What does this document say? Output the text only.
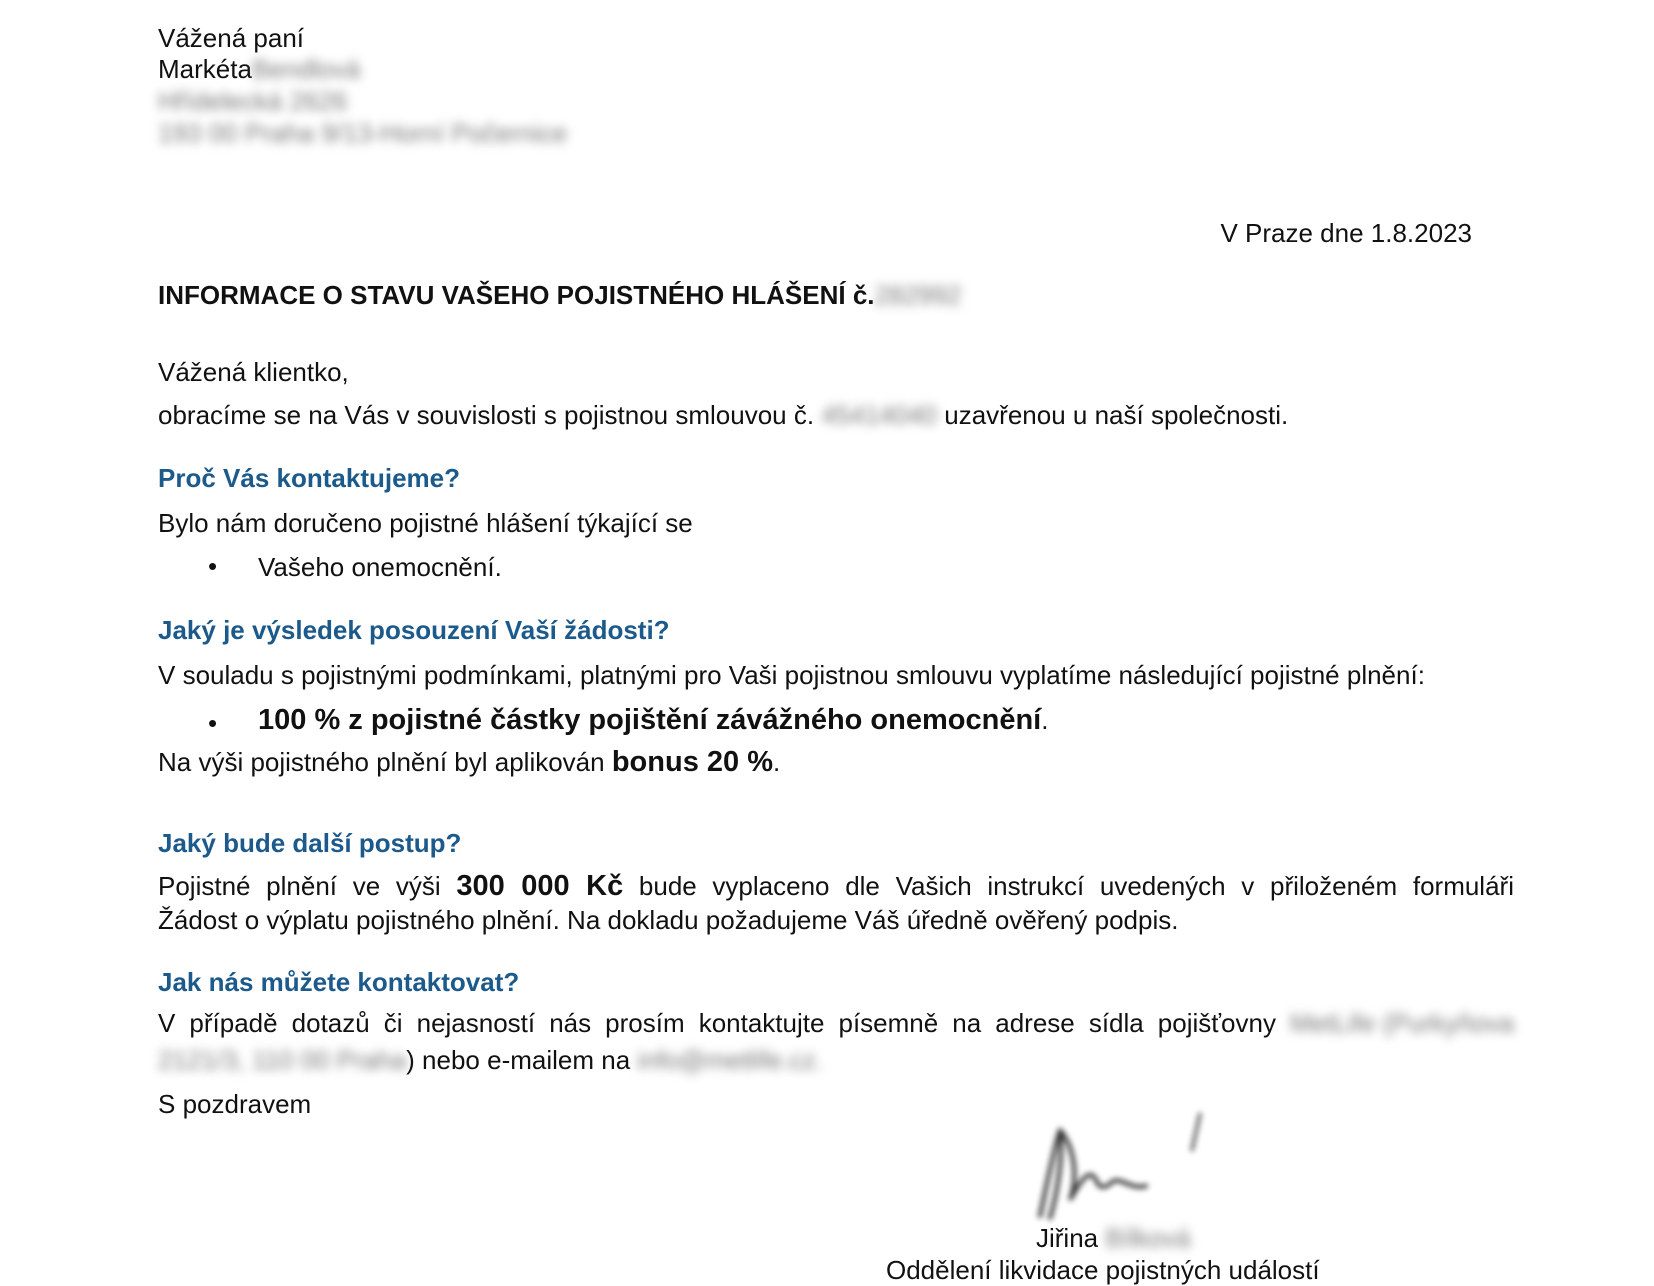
Vážená paní
MarkétaBendlová
Hřídelecká 2626
193 00 Praha 9/13-Horní Počernice
V Praze dne 1.8.2023
INFORMACE O STAVU VAŠEHO POJISTNÉHO HLÁŠENÍ č.282992
Vážená klientko,
obracíme se na Vás v souvislosti s pojistnou smlouvou č. 45414040 uzavřenou u naší společnosti.
Proč Vás kontaktujeme?
Bylo nám doručeno pojistné hlášení týkající se
• Vašeho onemocnění.
Jaký je výsledek posouzení Vaší žádosti?
V souladu s pojistnými podmínkami, platnými pro Vaši pojistnou smlouvu vyplatíme následující pojistné plnění:
• 100 % z pojistné částky pojištění závážného onemocnění.
Na výši pojistného plnění byl aplikován bonus 20 %.
Jaký bude další postup?
Pojistné plnění ve výši 300 000 Kč bude vyplaceno dle Vašich instrukcí uvedených v přiloženém formuláři
Žádost o výplatu pojistného plnění. Na dokladu požadujeme Váš úředně ověřený podpis.
Jak nás můžete kontaktovat?
V případě dotazů či nejasností nás prosím kontaktujte písemně na adrese sídla pojišťovny MetLife (Purkyňova
2121/3, 110 00 Praha) nebo e-mailem na info@metlife.cz.
S pozdravem
Jiřina Bílková
Oddělení likvidace pojistných událostí
